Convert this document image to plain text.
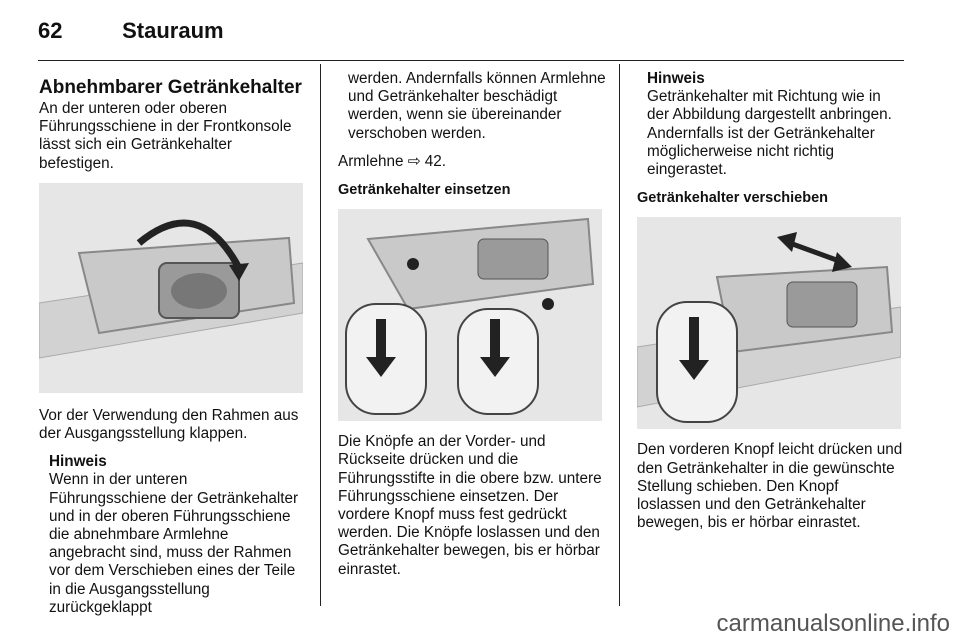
62	Stauraum
Abnehmbarer Getränkehalter

An der unteren oder oberen Führungsschiene in der Frontkonsole lässt sich ein Getränkehalter befestigen.

Vor der Verwendung den Rahmen aus der Ausgangsstellung klappen.

Hinweis
Wenn in der unteren Führungsschiene der Getränkehalter und in der oberen Führungsschiene die abnehmbare Armlehne angebracht sind, muss der Rahmen vor dem Verschieben eines der Teile in die Ausgangsstellung zurückgeklappt

werden. Andernfalls können Armlehne und Getränkehalter beschädigt werden, wenn sie übereinander verschoben werden.

Armlehne ⇨ 42.

Getränkehalter einsetzen

Die Knöpfe an der Vorder- und Rückseite drücken und die Führungsstifte in die obere bzw. untere Führungsschiene einsetzen. Der vordere Knopf muss fest gedrückt werden. Die Knöpfe loslassen und den Getränkehalter bewegen, bis er hörbar einrastet.

Hinweis
Getränkehalter mit Richtung wie in der Abbildung dargestellt anbringen. Andernfalls ist der Getränkehalter möglicherweise nicht richtig eingerastet.
Getränkehalter verschieben

Den vorderen Knopf leicht drücken und den Getränkehalter in die gewünschte Stellung schieben. Den Knopf loslassen und den Getränkehalter bewegen, bis er hörbar einrastet.

carmanualsonline.info
